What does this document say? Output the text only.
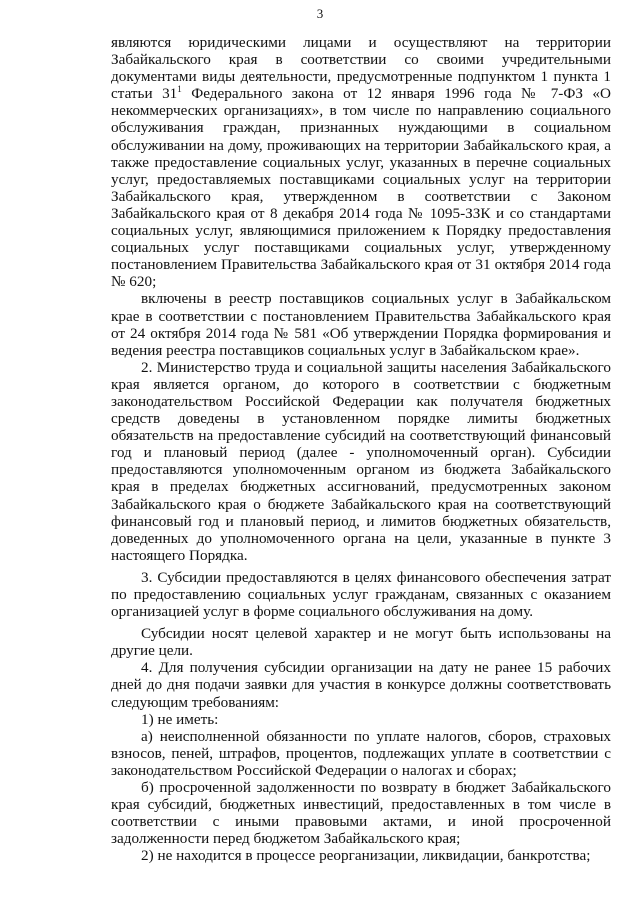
3

являются юридическими лицами и осуществляют на территории Забайкальского края в соответствии со своими учредительными документами виды деятельности, предусмотренные подпунктом 1 пункта 1 статьи $31^1$ Федерального закона от 12 января 1996 года № 7-ФЗ «О некоммерческих организациях», в том числе по направлению социального обслуживания граждан, признанных нуждающими в социальном обслуживании на дому, проживающих на территории Забайкальского края, а также предоставление социальных услуг, указанных в перечне социальных услуг, предоставляемых поставщиками социальных услуг на территории Забайкальского края, утвержденном в соответствии с Законом Забайкальского края от 8 декабря 2014 года № 1095-ЗЗК и со стандартами социальных услуг, являющимися приложением к Порядку предоставления социальных услуг поставщиками социальных услуг, утвержденному постановлением Правительства Забайкальского края от 31 октября 2014 года № 620;

включены в реестр поставщиков социальных услуг в Забайкальском крае в соответствии с постановлением Правительства Забайкальского края от 24 октября 2014 года № 581 «Об утверждении Порядка формирования и ведения реестра поставщиков социальных услуг в Забайкальском крае».

2. Министерство труда и социальной защиты населения Забайкальского края является органом, до которого в соответствии с бюджетным законодательством Российской Федерации как получателя бюджетных средств доведены в установленном порядке лимиты бюджетных обязательств на предоставление субсидий на соответствующий финансовый год и плановый период (далее - уполномоченный орган). Субсидии предоставляются уполномоченным органом из бюджета Забайкальского края в пределах бюджетных ассигнований, предусмотренных законом Забайкальского края о бюджете Забайкальского края на соответствующий финансовый год и плановый период, и лимитов бюджетных обязательств, доведенных до уполномоченного органа на цели, указанные в пункте 3 настоящего Порядка.

3. Субсидии предоставляются в целях финансового обеспечения затрат по предоставлению социальных услуг гражданам, связанных с оказанием организацией услуг в форме социального обслуживания на дому.

Субсидии носят целевой характер и не могут быть использованы на другие цели.

4. Для получения субсидии организации на дату не ранее 15 рабочих дней до дня подачи заявки для участия в конкурсе должны соответствовать следующим требованиям:

1) не иметь:

а) неисполненной обязанности по уплате налогов, сборов, страховых взносов, пеней, штрафов, процентов, подлежащих уплате в соответствии с законодательством Российской Федерации о налогах и сборах;

б) просроченной задолженности по возврату в бюджет Забайкальского края субсидий, бюджетных инвестиций, предоставленных в том числе в соответствии с иными правовыми актами, и иной просроченной задолженности перед бюджетом Забайкальского края;

2) не находится в процессе реорганизации, ликвидации, банкротства;
